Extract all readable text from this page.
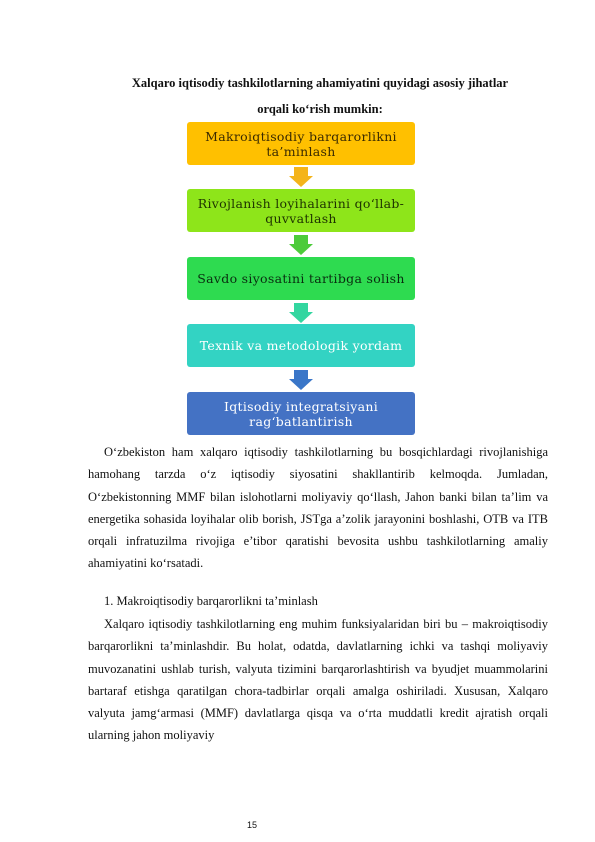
Xalqaro iqtisodiy tashkilotlarning ahamiyatini quyidagi asosiy jihatlar
orqali ko‘rish mumkin:
Makroiqtisodiy barqarorlikni ta’minlash
Rivojlanish loyihalarini qo‘llab-quvvatlash
Savdo siyosatini tartibga solish
Texnik va metodologik yordam
Iqtisodiy integratsiyani rag‘batlantirish
O‘zbekiston ham xalqaro iqtisodiy tashkilotlarning bu bosqichlardagi rivojlanishiga hamohang tarzda o‘z iqtisodiy siyosatini shakllantirib kelmoqda. Jumladan, O‘zbekistonning MMF bilan islohotlarni moliyaviy qo‘llash, Jahon banki bilan ta’lim va energetika sohasida loyihalar olib borish, JSTga a’zolik jarayonini boshlashi, OTB va ITB orqali infratuzilma rivojiga e’tibor qaratishi bevosita ushbu tashkilotlarning amaliy ahamiyatini ko‘rsatadi.
1. Makroiqtisodiy barqarorlikni ta’minlash
Xalqaro iqtisodiy tashkilotlarning eng muhim funksiyalaridan biri bu – makroiqtisodiy barqarorlikni ta’minlashdir. Bu holat, odatda, davlatlarning ichki va tashqi moliyaviy muvozanatini ushlab turish, valyuta tizimini barqarorlashtirish va byudjet muammolarini bartaraf etishga qaratilgan chora-tadbirlar orqali amalga oshiriladi. Xususan, Xalqaro valyuta jamg‘armasi (MMF) davlatlarga qisqa va o‘rta muddatli kredit ajratish orqali ularning jahon moliyaviy
15
